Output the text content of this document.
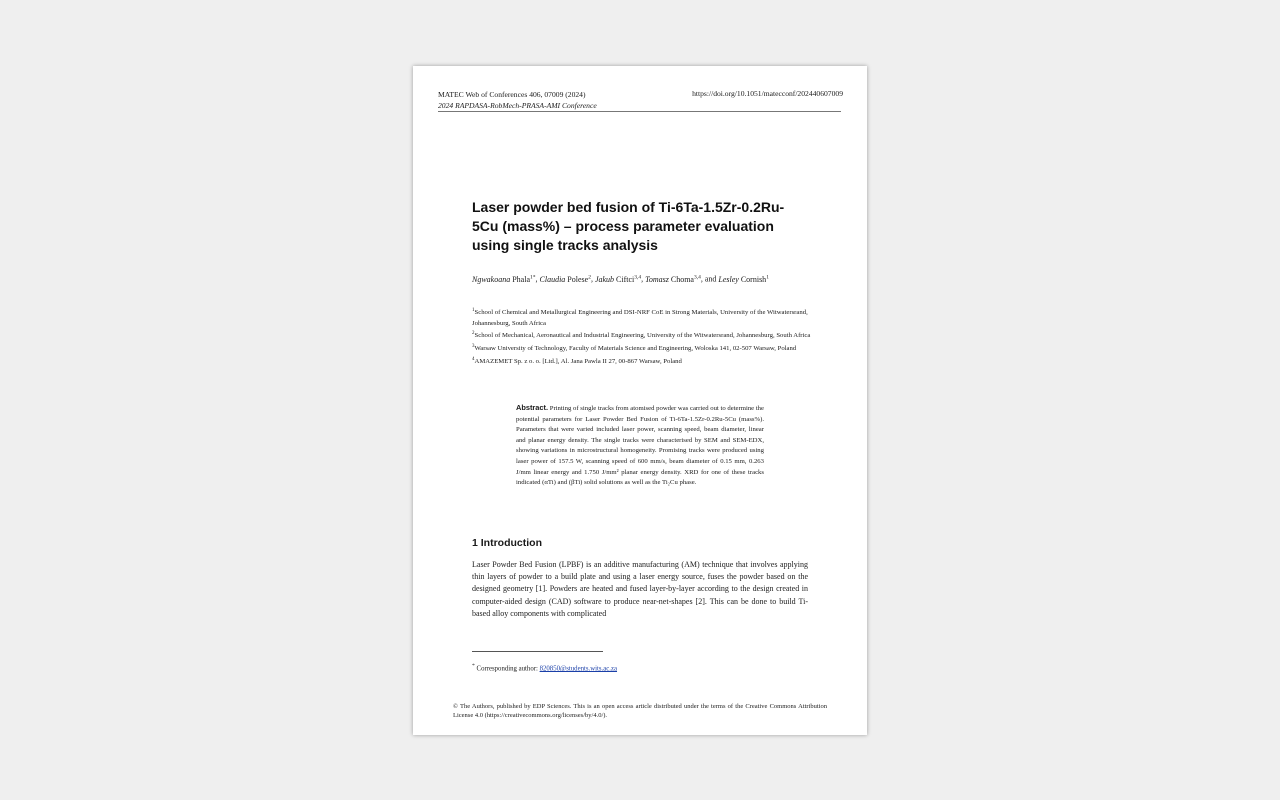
MATEC Web of Conferences 406, 07009 (2024)
2024 RAPDASA-RobMech-PRASA-AMI Conference
https://doi.org/10.1051/matecconf/202440607009
Laser powder bed fusion of Ti-6Ta-1.5Zr-0.2Ru-5Cu (mass%) – process parameter evaluation using single tracks analysis
Ngwakoana Phala$^{1*}$, Claudia Polese$^2$, Jakub Ciftci$^{3,4}$, Tomasz Choma$^{3,4}$, and Lesley Cornish$^1$
$^1$School of Chemical and Metallurgical Engineering and DSI-NRF CoE in Strong Materials, University of the Witwatersrand, Johannesburg, South Africa
$^2$School of Mechanical, Aeronautical and Industrial Engineering, University of the Witwatersrand, Johannesburg, South Africa
$^3$Warsaw University of Technology, Faculty of Materials Science and Engineering, Woloska 141, 02-507 Warsaw, Poland
$^4$AMAZEMET Sp. z o. o. [Ltd.], Al. Jana Pawla II 27, 00-867 Warsaw, Poland
Abstract. Printing of single tracks from atomised powder was carried out to determine the potential parameters for Laser Powder Bed Fusion of Ti-6Ta-1.5Zr-0.2Ru-5Cu (mass%). Parameters that were varied included laser power, scanning speed, beam diameter, linear and planar energy density. The single tracks were characterised by SEM and SEM-EDX, showing variations in microstructural homogeneity. Promising tracks were produced using laser power of 157.5 W, scanning speed of 600 mm/s, beam diameter of 0.15 mm, 0.263 J/mm linear energy and 1.750 J/mm² planar energy density. XRD for one of these tracks indicated (αTi) and (βTi) solid solutions as well as the Ti₂Cu phase.
1 Introduction
Laser Powder Bed Fusion (LPBF) is an additive manufacturing (AM) technique that involves applying thin layers of powder to a build plate and using a laser energy source, fuses the powder based on the designed geometry [1]. Powders are heated and fused layer-by-layer according to the design created in computer-aided design (CAD) software to produce near-net-shapes [2]. This can be done to build Ti-based alloy components with complicated
* Corresponding author: 820850@students.wits.ac.za
© The Authors, published by EDP Sciences. This is an open access article distributed under the terms of the Creative Commons Attribution License 4.0 (https://creativecommons.org/licenses/by/4.0/).
